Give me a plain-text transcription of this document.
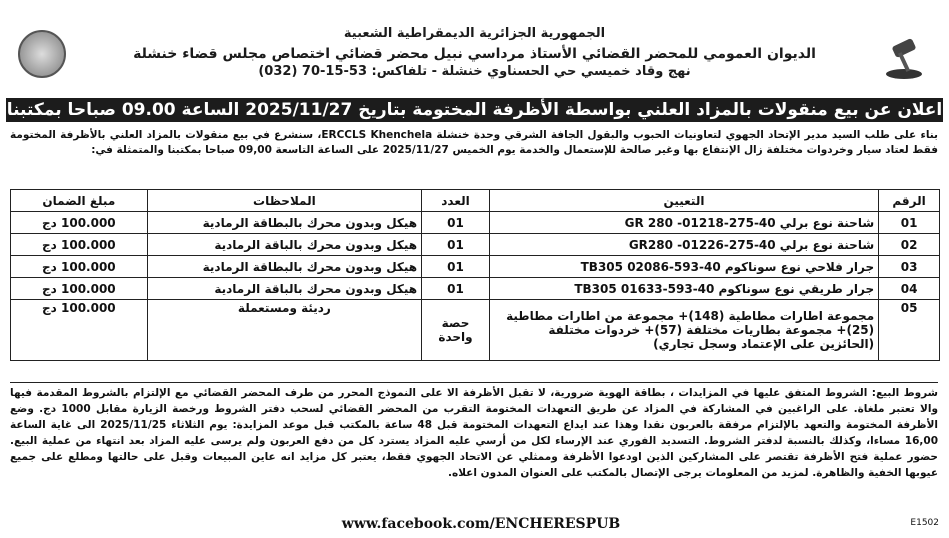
الجمهورية الجزائرية الديمقراطية الشعبية
الديوان العمومي للمحضر القضائي الأستاذ مرداسي نبيل محضر قضائي اختصاص مجلس قضاء خنشلة
نهج وقاد خميسي حي الحسناوي خنشلة - تلفاكس: 53-15-70 (032)
اعلان عن بيع منقولات بالمزاد العلني بواسطة الأظرفة المختومة بتاريخ 2025/11/27 الساعة 09.00 صباحا بمكتبنا
بناء على طلب السيد مدير الإتحاد الجهوي لتعاونيات الحبوب والبقول الجافة الشرقي وحدة خنشلة ERCCLS Khenchela، سنشرع في بيع منقولات بالمزاد العلني بالأظرفة المختومة فقط لعتاد سيار وخردوات مختلفة زال الإنتفاع بها وغير صالحة للإستعمال والخدمة يوم الخميس 2025/11/27 على الساعة التاسعة 09,00 صباحا بمكتبنا والمتمثلة في:
الرقم	التعيين	العدد	الملاحظات	مبلغ الضمان
01	شاحنة نوع برلي 40-275-01218- GR 280	01	هيكل وبدون محرك بالبطاقة الرمادية	100.000 دج
02	شاحنة نوع برلي 40-275-01226- GR280	01	هيكل وبدون محرك بالباقة الرمادية	100.000 دج
03	جرار فلاحي نوع سوناكوم 40-593-02086 TB305	01	هيكل وبدون محرك بالبطاقة الرمادية	100.000 دج
04	جرار طريقي نوع سوناكوم 40-593-01633 TB305	01	هيكل وبدون محرك بالباقة الرمادية	100.000 دج
05	مجموعة اطارات مطاطية (148)+ مجموعة من اطارات مطاطية (25)+ مجموعة بطاريات مختلفة (57)+ خردوات مختلفة (الحائزين على الإعتماد وسجل تجاري)	حصة واحدة	رديئة ومستعملة	100.000 دج
شروط البيع: الشروط المتفق عليها في المزايدات ، بطاقة الهوية ضرورية، لا تقبل الأظرفة الا على النموذج المحرر من طرف المحضر القضائي مع الإلتزام بالشروط المقدمة فيها والا تعتبر ملغاة. على الراغبين في المشاركة في المزاد عن طريق التعهدات المختومة التقرب من المحضر القضائي لسحب دفتر الشروط ورخصة الزيارة مقابل 1000 دج. وضع الأظرفة المختومة والتعهد بالإلتزام مرفقة بالعربون نقدا وهذا عند ايداع التعهدات المختومة قبل 48 ساعة بالمكتب قبل موعد المزايدة: يوم الثلاثاء 2025/11/25 الى غاية الساعة 16,00 مساءا، وكذلك بالنسبة لدفتر الشروط. التسديد الفوري عند الإرساء لكل من أرسي عليه المزاد يسترد كل من دفع العربون ولم يرسى عليه المزاد بعد انتهاء من عملية البيع. حضور عملية فتح الأظرفة تقتصر على المشاركين الذين اودعوا الأظرفة وممثلي عن الاتحاد الجهوي فقط، يعتبر كل مزايد انه عاين المبيعات وقبل على حالتها ومطلع على جميع عيوبها الخفية والظاهرة. لمزيد من المعلومات يرجى الإتصال بالمكتب على العنوان المدون اعلاه.
www.facebook.com/ENCHERESPUB	E1502
